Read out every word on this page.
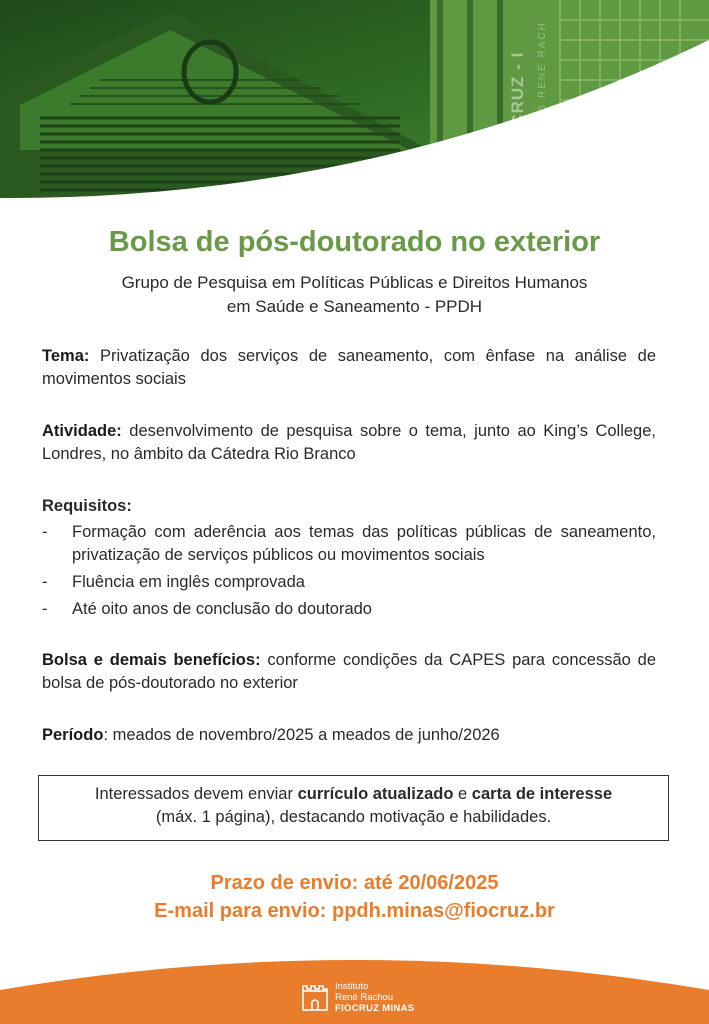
FIOCRUZ - I	USAS RENÉ RACH
Bolsa de pós-doutorado no exterior

Grupo de Pesquisa em Políticas Públicas e Direitos Humanos
em Saúde e Saneamento - PPDH

Tema: Privatização dos serviços de saneamento, com ênfase na análise de movimentos sociais

Atividade: desenvolvimento de pesquisa sobre o tema, junto ao King’s College, Londres, no âmbito da Cátedra Rio Branco

Requisitos:

- Formação com aderência aos temas das políticas públicas de saneamento, privatização de serviços públicos ou movimentos sociais
- Fluência em inglês comprovada
- Até oito anos de conclusão do doutorado

Bolsa e demais benefícios: conforme condições da CAPES para concessão de bolsa de pós-doutorado no exterior

Período: meados de novembro/2025 a meados de junho/2026

Interessados devem enviar currículo atualizado e carta de interesse
(máx. 1 página), destacando motivação e habilidades.

Prazo de envio: até 20/06/2025
E-mail para envio: ppdh.minas@fiocruz.br

Instituto
René Rachou
FIOCRUZ MINAS
